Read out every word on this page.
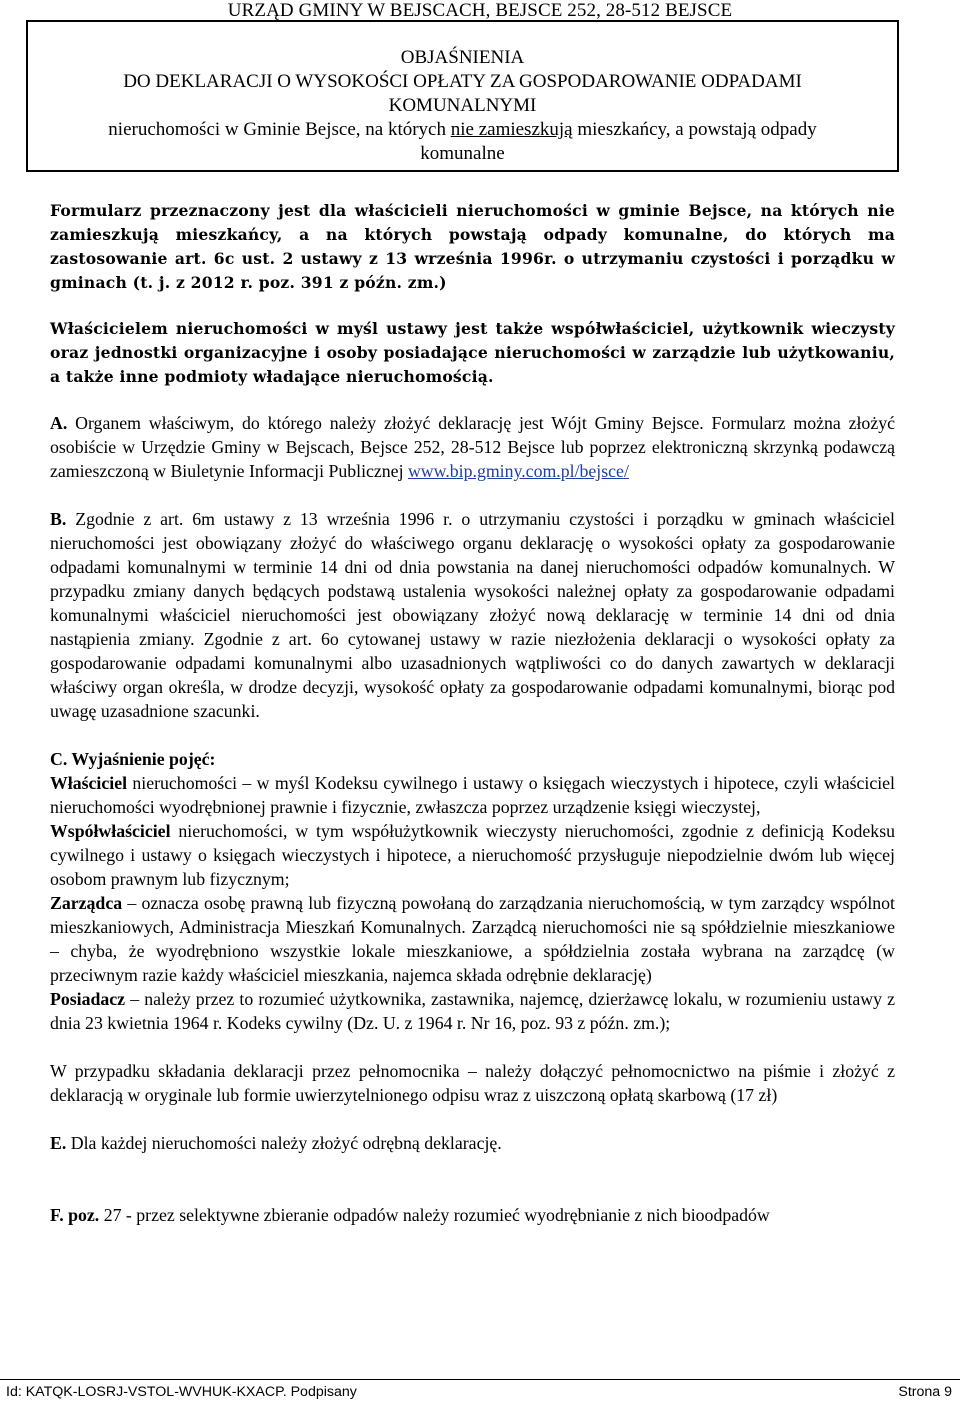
URZĄD GMINY W BEJSCACH, BEJSCE 252, 28-512 BEJSCE
OBJAŚNIENIA
DO DEKLARACJI O WYSOKOŚCI OPŁATY ZA GOSPODAROWANIE ODPADAMI
KOMUNALNYMI
nieruchomości w Gminie Bejsce, na których nie zamieszkują mieszkańcy, a powstają odpady
komunalne

Formularz przeznaczony jest dla właścicieli nieruchomości w gminie Bejsce, na których nie zamieszkują mieszkańcy, a na których powstają odpady komunalne, do których ma zastosowanie art. 6c ust. 2 ustawy z 13 września 1996r. o utrzymaniu czystości i porządku w gminach (t. j. z 2012 r. poz. 391 z późn. zm.)

Właścicielem nieruchomości w myśl ustawy jest także współwłaściciel, użytkownik wieczysty oraz jednostki organizacyjne i osoby posiadające nieruchomości w zarządzie lub użytkowaniu, a także inne podmioty władające nieruchomością.

A. Organem właściwym, do którego należy złożyć deklarację jest Wójt Gminy Bejsce. Formularz można złożyć osobiście w Urzędzie Gminy w Bejscach, Bejsce 252, 28-512 Bejsce lub poprzez elektroniczną skrzynką podawczą zamieszczoną w Biuletynie Informacji Publicznej www.bip.gminy.com.pl/bejsce/

B. Zgodnie z art. 6m ustawy z 13 września 1996 r. o utrzymaniu czystości i porządku w gminach właściciel nieruchomości jest obowiązany złożyć do właściwego organu deklarację o wysokości opłaty za gospodarowanie odpadami komunalnymi w terminie 14 dni od dnia powstania na danej nieruchomości odpadów komunalnych. W przypadku zmiany danych będących podstawą ustalenia wysokości należnej opłaty za gospodarowanie odpadami komunalnymi właściciel nieruchomości jest obowiązany złożyć nową deklarację w terminie 14 dni od dnia nastąpienia zmiany. Zgodnie z art. 6o cytowanej ustawy w razie niezłożenia deklaracji o wysokości opłaty za gospodarowanie odpadami komunalnymi albo uzasadnionych wątpliwości co do danych zawartych w deklaracji właściwy organ określa, w drodze decyzji, wysokość opłaty za gospodarowanie odpadami komunalnymi, biorąc pod uwagę uzasadnione szacunki.

C. Wyjaśnienie pojęć:

Właściciel nieruchomości – w myśl Kodeksu cywilnego i ustawy o księgach wieczystych i hipotece, czyli właściciel nieruchomości wyodrębnionej prawnie i fizycznie, zwłaszcza poprzez urządzenie księgi wieczystej,

Współwłaściciel nieruchomości, w tym współużytkownik wieczysty nieruchomości, zgodnie z definicją Kodeksu cywilnego i ustawy o księgach wieczystych i hipotece, a nieruchomość przysługuje niepodzielnie dwóm lub więcej osobom prawnym lub fizycznym;

Zarządca – oznacza osobę prawną lub fizyczną powołaną do zarządzania nieruchomością, w tym zarządcy wspólnot mieszkaniowych, Administracja Mieszkań Komunalnych. Zarządcą nieruchomości nie są spółdzielnie mieszkaniowe – chyba, że wyodrębniono wszystkie lokale mieszkaniowe, a spółdzielnia została wybrana na zarządcę (w przeciwnym razie każdy właściciel mieszkania, najemca składa odrębnie deklarację)

Posiadacz – należy przez to rozumieć użytkownika, zastawnika, najemcę, dzierżawcę lokalu, w rozumieniu ustawy z dnia 23 kwietnia 1964 r. Kodeks cywilny (Dz. U. z 1964 r. Nr 16, poz. 93 z późn. zm.);

W przypadku składania deklaracji przez pełnomocnika – należy dołączyć pełnomocnictwo na piśmie i złożyć z deklaracją w oryginale lub formie uwierzytelnionego odpisu wraz z uiszczoną opłatą skarbową (17 zł)

E. Dla każdej nieruchomości należy złożyć odrębną deklarację.

F. poz. 27 - przez selektywne zbieranie odpadów należy rozumieć wyodrębnianie z nich bioodpadów

Id: KATQK-LOSRJ-VSTOL-WVHUK-KXACP. Podpisany	Strona 9
